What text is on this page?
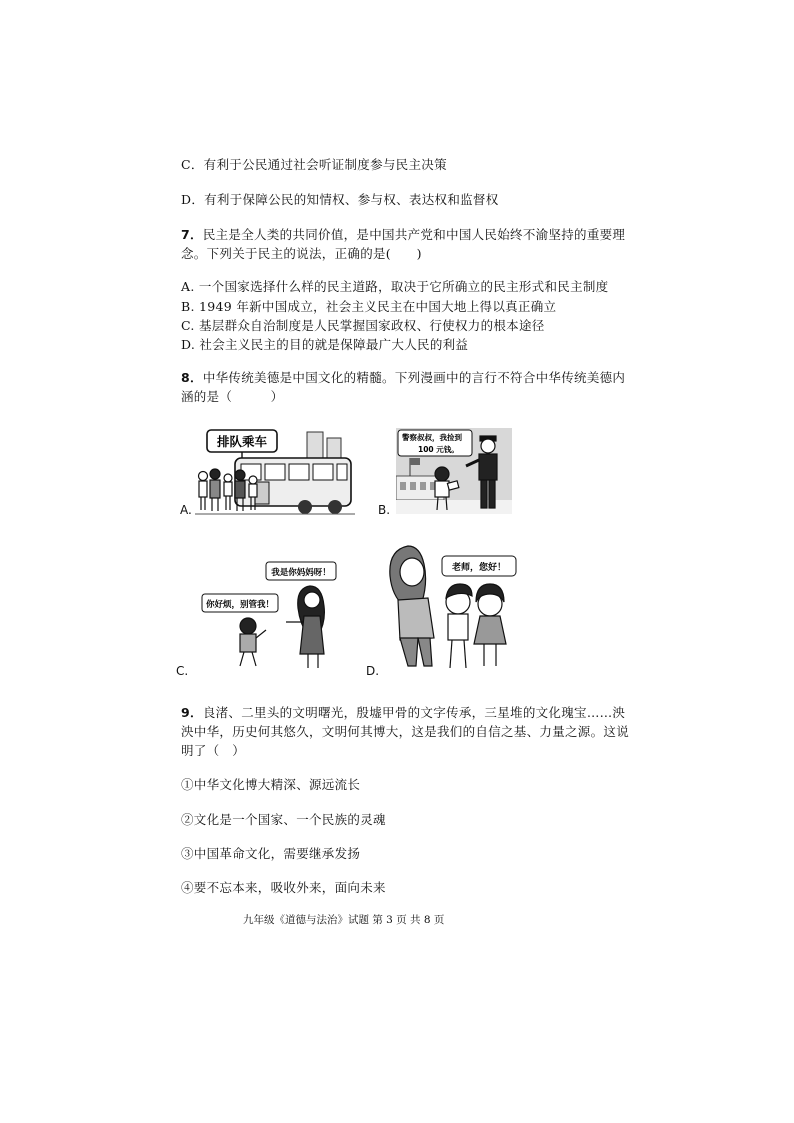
C．有利于公民通过社会听证制度参与民主决策
D．有利于保障公民的知情权、参与权、表达权和监督权
7．民主是全人类的共同价值，是中国共产党和中国人民始终不渝坚持的重要理
念。下列关于民主的说法，正确的是(　　)
A. 一个国家选择什么样的民主道路，取决于它所确立的民主形式和民主制度
B. 1949 年新中国成立，社会主义民主在中国大地上得以真正确立
C. 基层群众自治制度是人民掌握国家政权、行使权力的根本途径
D. 社会主义民主的目的就是保障最广大人民的利益
8．中华传统美德是中国文化的精髓。下列漫画中的言行不符合中华传统美德内
涵的是（　　　）
A.
排队乘车
B.
警察叔叔，我捡到
100 元钱。
C.
我是你妈妈呀！
你好烦，别管我！
D.
老师，您好！
9．良渚、二里头的文明曙光，殷墟甲骨的文字传承，三星堆的文化瑰宝……泱
泱中华，历史何其悠久，文明何其博大，这是我们的自信之基、力量之源。这说
明了（　）
①中华文化博大精深、源远流长
②文化是一个国家、一个民族的灵魂
③中国革命文化，需要继承发扬
④要不忘本来，吸收外来，面向未来
九年级《道德与法治》试题 第 3 页 共 8 页
